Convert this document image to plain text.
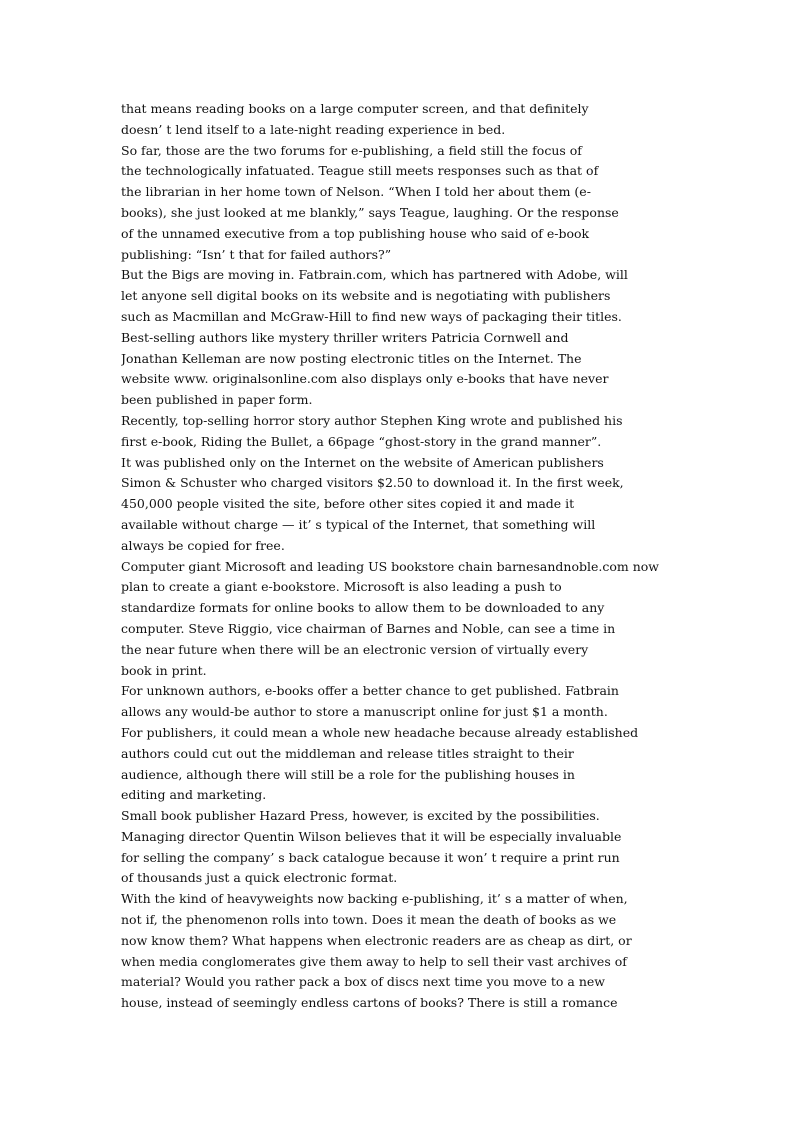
that means reading books on a large computer screen, and that definitely
doesn’ t lend itself to a late-night reading experience in bed.
So far, those are the two forums for e-publishing, a field still the focus of
the technologically infatuated. Teague still meets responses such as that of
the librarian in her home town of Nelson. “When I told her about them (e-
books), she just looked at me blankly,” says Teague, laughing. Or the response
of the unnamed executive from a top publishing house who said of e-book
publishing: “Isn’ t that for failed authors?”
But the Bigs are moving in. Fatbrain.com, which has partnered with Adobe, will
let anyone sell digital books on its website and is negotiating with publishers
such as Macmillan and McGraw-Hill to find new ways of packaging their titles.
Best-selling authors like mystery thriller writers Patricia Cornwell and
Jonathan Kelleman are now posting electronic titles on the Internet. The
website www. originalsonline.com also displays only e-books that have never
been published in paper form.
Recently, top-selling horror story author Stephen King wrote and published his
first e-book, Riding the Bullet, a 66page “ghost-story in the grand manner”.
It was published only on the Internet on the website of American publishers
Simon & Schuster who charged visitors $2.50 to download it. In the first week,
450,000 people visited the site, before other sites copied it and made it
available without charge — it’ s typical of the Internet, that something will
always be copied for free.
Computer giant Microsoft and leading US bookstore chain barnesandnoble.com now
plan to create a giant e-bookstore. Microsoft is also leading a push to
standardize formats for online books to allow them to be downloaded to any
computer. Steve Riggio, vice chairman of Barnes and Noble, can see a time in
the near future when there will be an electronic version of virtually every
book in print.
For unknown authors, e-books offer a better chance to get published. Fatbrain
allows any would-be author to store a manuscript online for just $1 a month.
For publishers, it could mean a whole new headache because already established
authors could cut out the middleman and release titles straight to their
audience, although there will still be a role for the publishing houses in
editing and marketing.
Small book publisher Hazard Press, however, is excited by the possibilities.
Managing director Quentin Wilson believes that it will be especially invaluable
for selling the company’ s back catalogue because it won’ t require a print run
of thousands just a quick electronic format.
With the kind of heavyweights now backing e-publishing, it’ s a matter of when,
not if, the phenomenon rolls into town. Does it mean the death of books as we
now know them? What happens when electronic readers are as cheap as dirt, or
when media conglomerates give them away to help to sell their vast archives of
material? Would you rather pack a box of discs next time you move to a new
house, instead of seemingly endless cartons of books? There is still a romance
